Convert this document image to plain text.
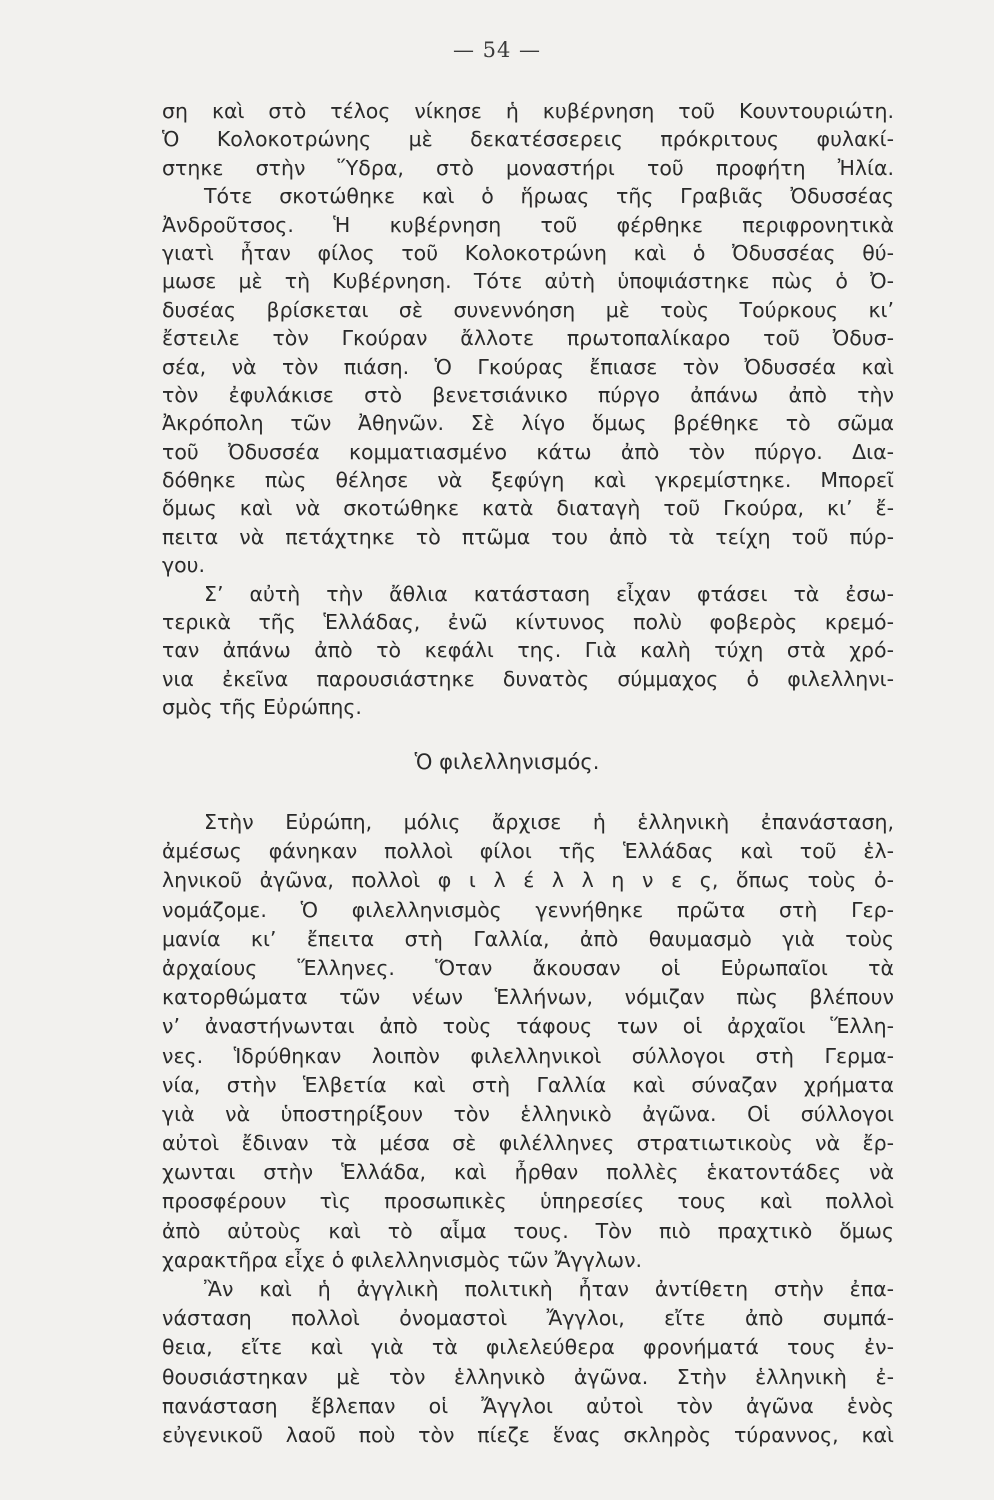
— 54 —
ση καὶ στὸ τέλος νίκησε ἡ κυβέρνηση τοῦ Κουντουριώτη.
Ὁ Κολοκοτρώνης μὲ δεκατέσσερεις πρόκριτους φυλακί-
στηκε στὴν Ὕδρα, στὸ μοναστήρι τοῦ προφήτη Ἠλία.
Τότε σκοτώθηκε καὶ ὁ ἥρωας τῆς Γραβιᾶς Ὀδυσσέας
Ἀνδροῦτσος. Ἡ κυβέρνηση τοῦ φέρθηκε περιφρονητικὰ
γιατὶ ἦταν φίλος τοῦ Κολοκοτρώνη καὶ ὁ Ὀδυσσέας θύ-
μωσε μὲ τὴ Κυβέρνηση. Τότε αὐτὴ ὑποψιάστηκε πὼς ὁ Ὀ-
δυσέας βρίσκεται σὲ συνεννόηση μὲ τοὺς Τούρκους κι’
ἔστειλε τὸν Γκούραν ἄλλοτε πρωτοπαλίκαρο τοῦ Ὀδυσ-
σέα, νὰ τὸν πιάση. Ὁ Γκούρας ἔπιασε τὸν Ὀδυσσέα καὶ
τὸν ἐφυλάκισε στὸ βενετσιάνικο πύργο ἀπάνω ἀπὸ τὴν
Ἀκρόπολη τῶν Ἀθηνῶν. Σὲ λίγο ὅμως βρέθηκε τὸ σῶμα
τοῦ Ὀδυσσέα κομματιασμένο κάτω ἀπὸ τὸν πύργο. Δια-
δόθηκε πὼς θέλησε νὰ ξεφύγη καὶ γκρεμίστηκε. Μπορεῖ
ὅμως καὶ νὰ σκοτώθηκε κατὰ διαταγὴ τοῦ Γκούρα, κι’ ἔ-
πειτα νὰ πετάχτηκε τὸ πτῶμα του ἀπὸ τὰ τείχη τοῦ πύρ-
γου.
Σ’ αὐτὴ τὴν ἄθλια κατάσταση εἶχαν φτάσει τὰ ἐσω-
τερικὰ τῆς Ἑλλάδας, ἐνῶ κίντυνος πολὺ φοβερὸς κρεμό-
ταν ἀπάνω ἀπὸ τὸ κεφάλι της. Γιὰ καλὴ τύχη στὰ χρό-
νια ἐκεῖνα παρουσιάστηκε δυνατὸς σύμμαχος ὁ φιλελληνι-
σμὸς τῆς Εὐρώπης.
Ὁ φιλελληνισμός.
Στὴν Εὐρώπη, μόλις ἄρχισε ἡ ἑλληνικὴ ἐπανάσταση,
ἀμέσως φάνηκαν πολλοὶ φίλοι τῆς Ἑλλάδας καὶ τοῦ ἑλ-
ληνικοῦ ἀγῶνα, πολλοὶ φ ι λ έ λ λ η ν ε ς, ὅπως τοὺς ὀ-
νομάζομε. Ὁ φιλελληνισμὸς γεννήθηκε πρῶτα στὴ Γερ-
μανία κι’ ἔπειτα στὴ Γαλλία, ἀπὸ θαυμασμὸ γιὰ τοὺς
ἀρχαίους Ἕλληνες. Ὅταν ἄκουσαν οἱ Εὐρωπαῖοι τὰ
κατορθώματα τῶν νέων Ἑλλήνων, νόμιζαν πὼς βλέπουν
ν’ ἀναστήνωνται ἀπὸ τοὺς τάφους των οἱ ἀρχαῖοι Ἕλλη-
νες. Ἱδρύθηκαν λοιπὸν φιλελληνικοὶ σύλλογοι στὴ Γερμα-
νία, στὴν Ἑλβετία καὶ στὴ Γαλλία καὶ σύναζαν χρήματα
γιὰ νὰ ὑποστηρίξουν τὸν ἑλληνικὸ ἀγῶνα. Οἱ σύλλογοι
αὐτοὶ ἔδιναν τὰ μέσα σὲ φιλέλληνες στρατιωτικοὺς νὰ ἔρ-
χωνται στὴν Ἑλλάδα, καὶ ἦρθαν πολλὲς ἑκατοντάδες νὰ
προσφέρουν τὶς προσωπικὲς ὑπηρεσίες τους καὶ πολλοὶ
ἀπὸ αὐτοὺς καὶ τὸ αἷμα τους. Τὸν πιὸ πραχτικὸ ὅμως
χαρακτῆρα εἶχε ὁ φιλελληνισμὸς τῶν Ἄγγλων.
Ἂν καὶ ἡ ἀγγλικὴ πολιτικὴ ἦταν ἀντίθετη στὴν ἐπα-
νάσταση πολλοὶ ὀνομαστοὶ Ἄγγλοι, εἴτε ἀπὸ συμπά-
θεια, εἴτε καὶ γιὰ τὰ φιλελεύθερα φρονήματά τους ἐν-
θουσιάστηκαν μὲ τὸν ἑλληνικὸ ἀγῶνα. Στὴν ἑλληνικὴ ἐ-
πανάσταση ἔβλεπαν οἱ Ἄγγλοι αὐτοὶ τὸν ἀγῶνα ἑνὸς
εὐγενικοῦ λαοῦ ποὺ τὸν πίεζε ἕνας σκληρὸς τύραννος, καὶ
